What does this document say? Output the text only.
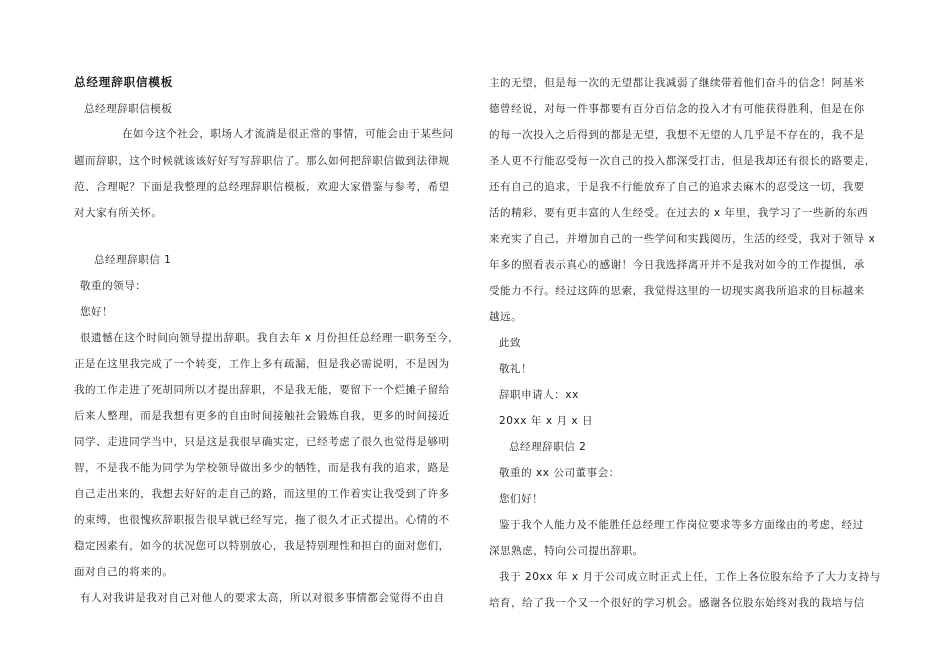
总经理辞职信模板
总经理辞职信模板
在如今这个社会，职场人才流淌是很正常的事情，可能会由于某些问
题而辞职，这个时候就该该好好写写辞职信了。那么如何把辞职信做到法律规
范、合理呢？下面是我整理的总经理辞职信模板，欢迎大家借鉴与参考，希望
对大家有所关怀。
总经理辞职信 1
敬重的领导：
您好！
很遗憾在这个时间向领导提出辞职。我自去年 x 月份担任总经理一职务至今，
正是在这里我完成了一个转变，工作上多有疏漏，但是我必需说明，不是因为
我的工作走进了死胡同所以才提出辞职，不是我无能，要留下一个烂摊子留给
后来人整理，而是我想有更多的自由时间接触社会锻炼自我，更多的时间接近
同学、走进同学当中，只是这是我很早确实定，已经考虑了很久也觉得是够明
智，不是我不能为同学为学校领导做出多少的牺牲，而是我有我的追求，路是
自己走出来的，我想去好好的走自己的路，而这里的工作着实让我受到了许多
的束缚，也很愧疚辞职报告很早就已经写完，拖了很久才正式提出。心情的不
稳定因素有，如今的状况您可以特别放心，我是特别理性和担白的面对您们，
面对自己的将来的。
有人对我讲是我对自己对他人的要求太高，所以对很多事情都会觉得不由自
主的无望，但是每一次的无望都让我减弱了继续带着他们奋斗的信念！阿基米
德曾经说，对每一件事都要有百分百信念的投入才有可能获得胜利，但是在你
的每一次投入之后得到的都是无望，我想不无望的人几乎是不存在的，我不是
圣人更不行能忍受每一次自己的投入都深受打击，但是我却还有很长的路要走，
还有自己的追求，于是我不行能放弃了自己的追求去麻木的忍受这一切，我要
活的精彩，要有更丰富的人生经受。在过去的 x 年里，我学习了一些新的东西
来充实了自己，并增加自己的一些学问和实践阅历，生活的经受，我对于领导 x
年多的照看表示真心的感谢！今日我选择离开并不是我对如今的工作提惧，承
受能力不行。经过这阵的思索，我觉得这里的一切现实离我所追求的目标越来
越远。
此致
敬礼！
辞职申请人：xx
20xx 年 x 月 x 日
总经理辞职信 2
敬重的 xx 公司董事会：
您们好！
鉴于我个人能力及不能胜任总经理工作岗位要求等多方面缘由的考虑，经过
深思熟虑，特向公司提出辞职。
我于 20xx 年 x 月于公司成立时正式上任，工作上各位股东给予了大力支持与
培育，给了我一个又一个很好的学习机会。感谢各位股东始终对我的栽培与信
